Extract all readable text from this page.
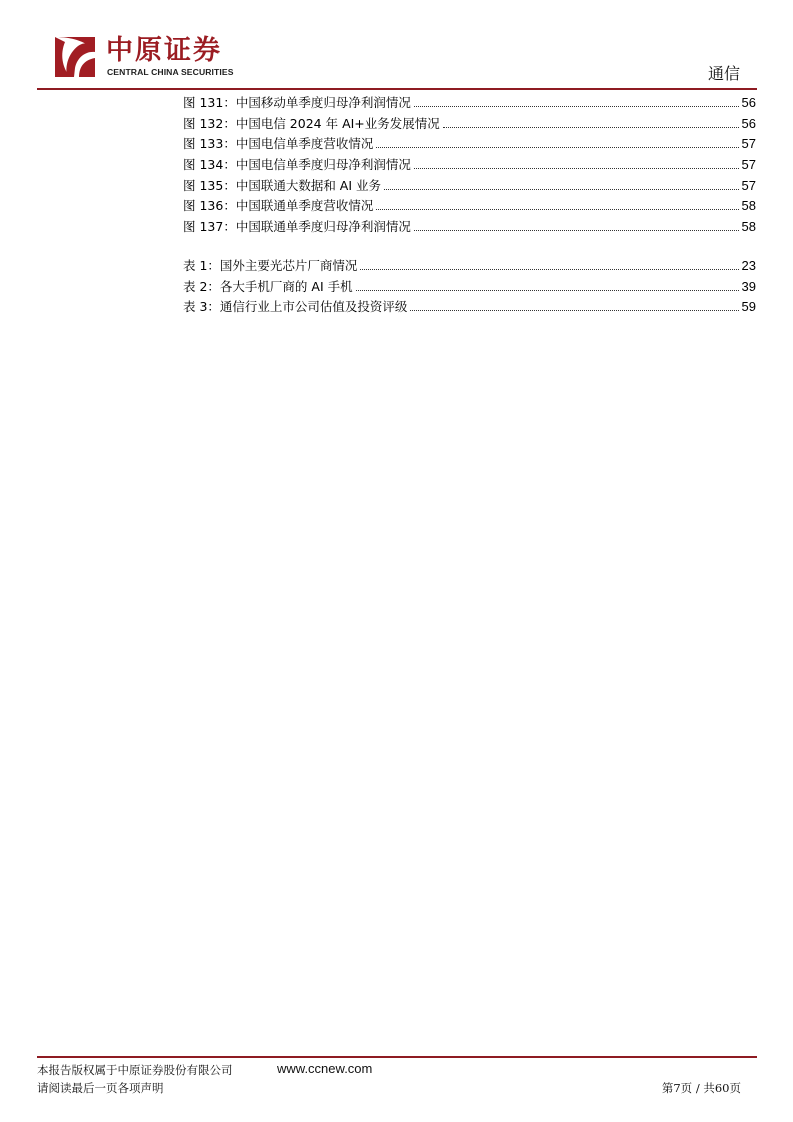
中原证券
CENTRAL CHINA SECURITIES	通信
图 131：中国移动单季度归母净利润情况	56
图 132：中国电信 2024 年 AI+业务发展情况	56
图 133：中国电信单季度营收情况	57
图 134：中国电信单季度归母净利润情况	57
图 135：中国联通大数据和 AI 业务	57
图 136：中国联通单季度营收情况	58
图 137：中国联通单季度归母净利润情况	58
表 1：国外主要光芯片厂商情况	23
表 2：各大手机厂商的 AI 手机	39
表 3：通信行业上市公司估值及投资评级	59
本报告版权属于中原证券股份有限公司	www.ccnew.com
请阅读最后一页各项声明	第7页 / 共60页
